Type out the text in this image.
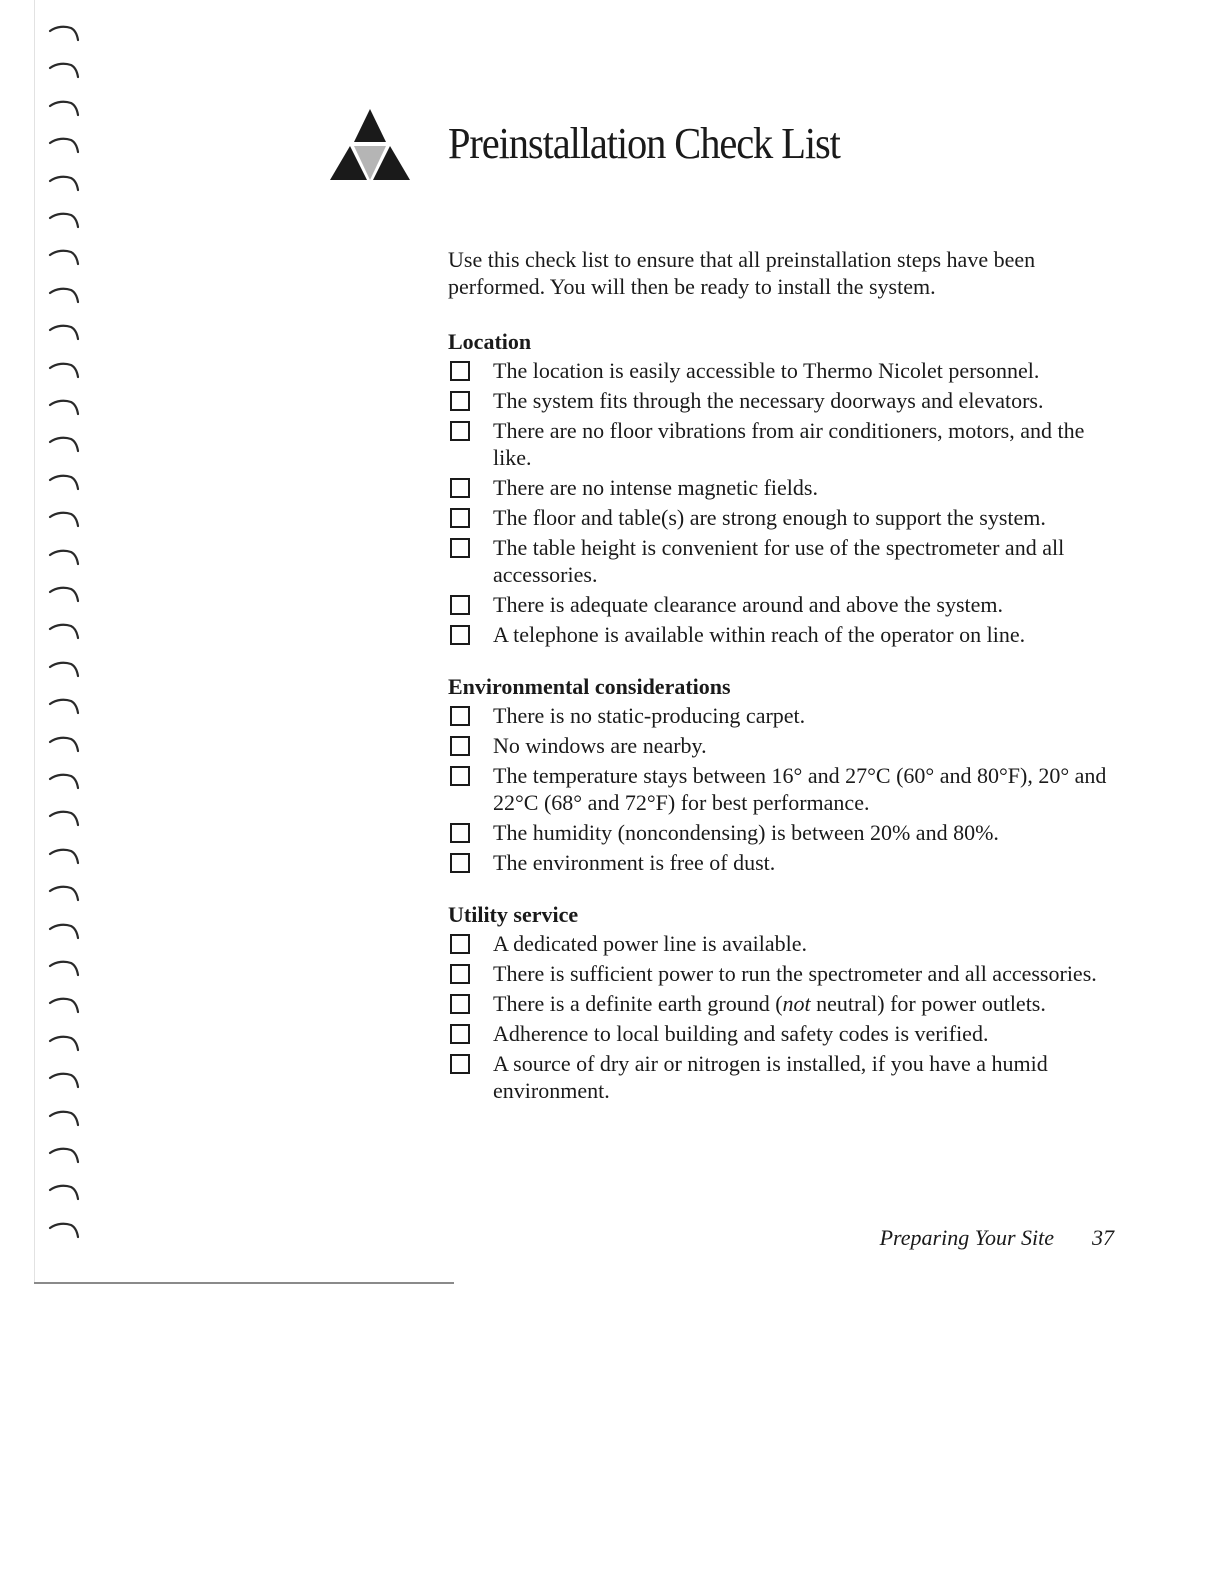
Preinstallation Check List

Use this check list to ensure that all preinstallation steps have been performed. You will then be ready to install the system.

Location
The location is easily accessible to Thermo Nicolet personnel.
The system fits through the necessary doorways and elevators.
There are no floor vibrations from air conditioners, motors, and the like.
There are no intense magnetic fields.
The floor and table(s) are strong enough to support the system.
The table height is convenient for use of the spectrometer and all accessories.
There is adequate clearance around and above the system.
A telephone is available within reach of the operator on line.
Environmental considerations
There is no static-producing carpet.
No windows are nearby.
The temperature stays between 16° and 27°C (60° and 80°F), 20° and 22°C (68° and 72°F) for best performance.
The humidity (noncondensing) is between 20% and 80%.
The environment is free of dust.
Utility service
A dedicated power line is available.
There is sufficient power to run the spectrometer and all accessories.
There is a definite earth ground (not neutral) for power outlets.
Adherence to local building and safety codes is verified.
A source of dry air or nitrogen is installed, if you have a humid environment.
Preparing Your Site 37
